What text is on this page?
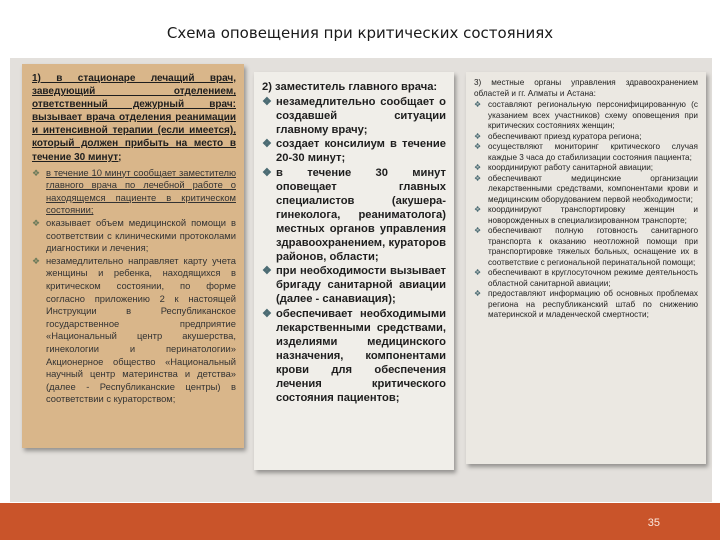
Схема оповещения при критических состояниях
1) в стационаре лечащий врач, заведующий отделением, ответственный дежурный врач: вызывает врача отделения реанимации и интенсивной терапии (если имеется), который должен прибыть на место в течение 30 минут;
❖ в течение 10 минут сообщает заместителю главного врача по лечебной работе о находящемся пациенте в критическом состоянии;
❖ оказывает объем медицинской помощи в соответствии с клиническими протоколами диагностики и лечения;
❖ незамедлительно направляет карту учета женщины и ребенка, находящихся в критическом состоянии, по форме согласно приложению 2 к настоящей Инструкции в Республиканское государственное предприятие «Национальный центр акушерства, гинекологии и перинатологии» Акционерное общество «Национальный научный центр материнства и детства» (далее - Республиканские центры) в соответствии с кураторством;
2) заместитель главного врача:
❖ незамедлительно сообщает о создавшей ситуации главному врачу;
❖ создает консилиум в течение 20-30 минут;
❖ в течение 30 минут оповещает главных специалистов (акушера-гинеколога, реаниматолога) местных органов управления здравоохранением, кураторов районов, области;
❖ при необходимости вызывает бригаду санитарной авиации (далее - санавиация);
❖ обеспечивает необходимыми лекарственными средствами, изделиями медицинского назначения, компонентами крови для обеспечения лечения критического состояния пациентов;
3) местные органы управления здравоохранением областей и гг. Алматы и Астана:
❖ составляют региональную персонифицированную (с указанием всех участников) схему оповещения при критических состояниях женщин;
❖ обеспечивают приезд куратора региона;
❖ осуществляют мониторинг критического случая каждые 3 часа до стабилизации состояния пациента;
❖ координируют работу санитарной авиации;
❖ обеспечивают медицинские организации лекарственными средствами, компонентами крови и медицинским оборудованием первой необходимости;
❖ координируют транспортировку женщин и новорожденных в специализированном транспорте;
❖ обеспечивают полную готовность санитарного транспорта к оказанию неотложной помощи при транспортировке тяжелых больных, оснащение их в соответствие с региональной перинатальной помощи;
❖ обеспечивают в круглосуточном режиме деятельность областной санитарной авиации;
❖ предоставляют информацию об основных проблемах региона на республиканский штаб по снижению материнской и младенческой смертности;
35
